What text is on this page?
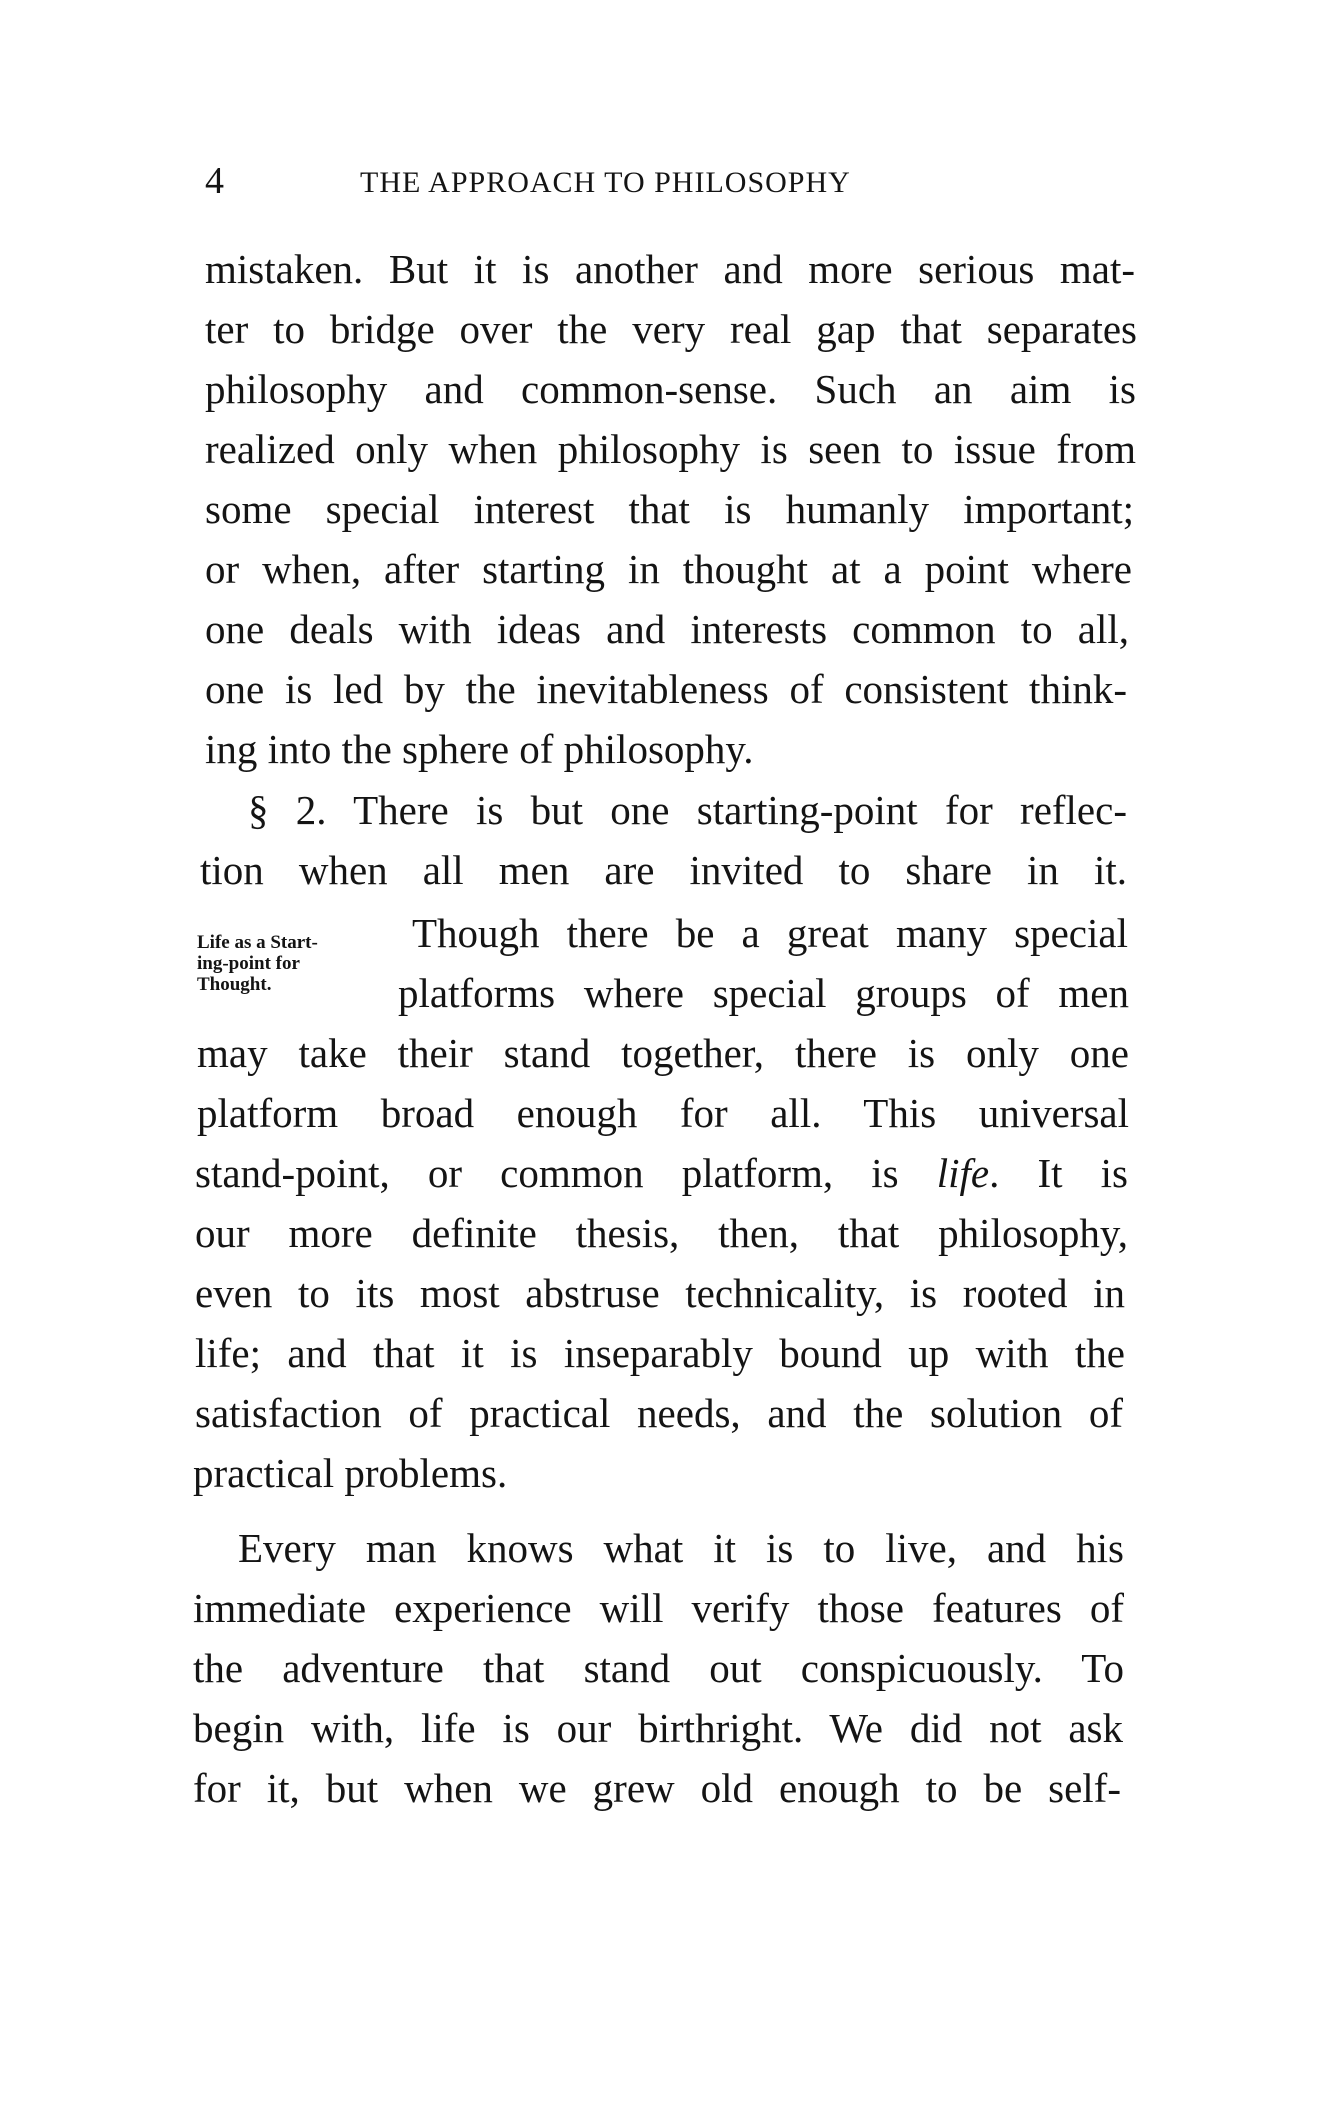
4	THE APPROACH TO PHILOSOPHY
mistaken. But it is another and more serious mat-
ter to bridge over the very real gap that separates
philosophy and common-sense. Such an aim is
realized only when philosophy is seen to issue from
some special interest that is humanly important;
or when, after starting in thought at a point where
one deals with ideas and interests common to all,
one is led by the inevitableness of consistent think-
ing into the sphere of philosophy.
§ 2. There is but one starting-point for reflec-
tion when all men are invited to share in it.
Life as a Start-
ing-point for
Thought.
Though there be a great many special
platforms where special groups of men
may take their stand together, there is only one
platform broad enough for all. This universal
stand-point, or common platform, is life. It is
our more definite thesis, then, that philosophy,
even to its most abstruse technicality, is rooted in
life; and that it is inseparably bound up with the
satisfaction of practical needs, and the solution of
practical problems.
Every man knows what it is to live, and his
immediate experience will verify those features of
the adventure that stand out conspicuously. To
begin with, life is our birthright. We did not ask
for it, but when we grew old enough to be self-
